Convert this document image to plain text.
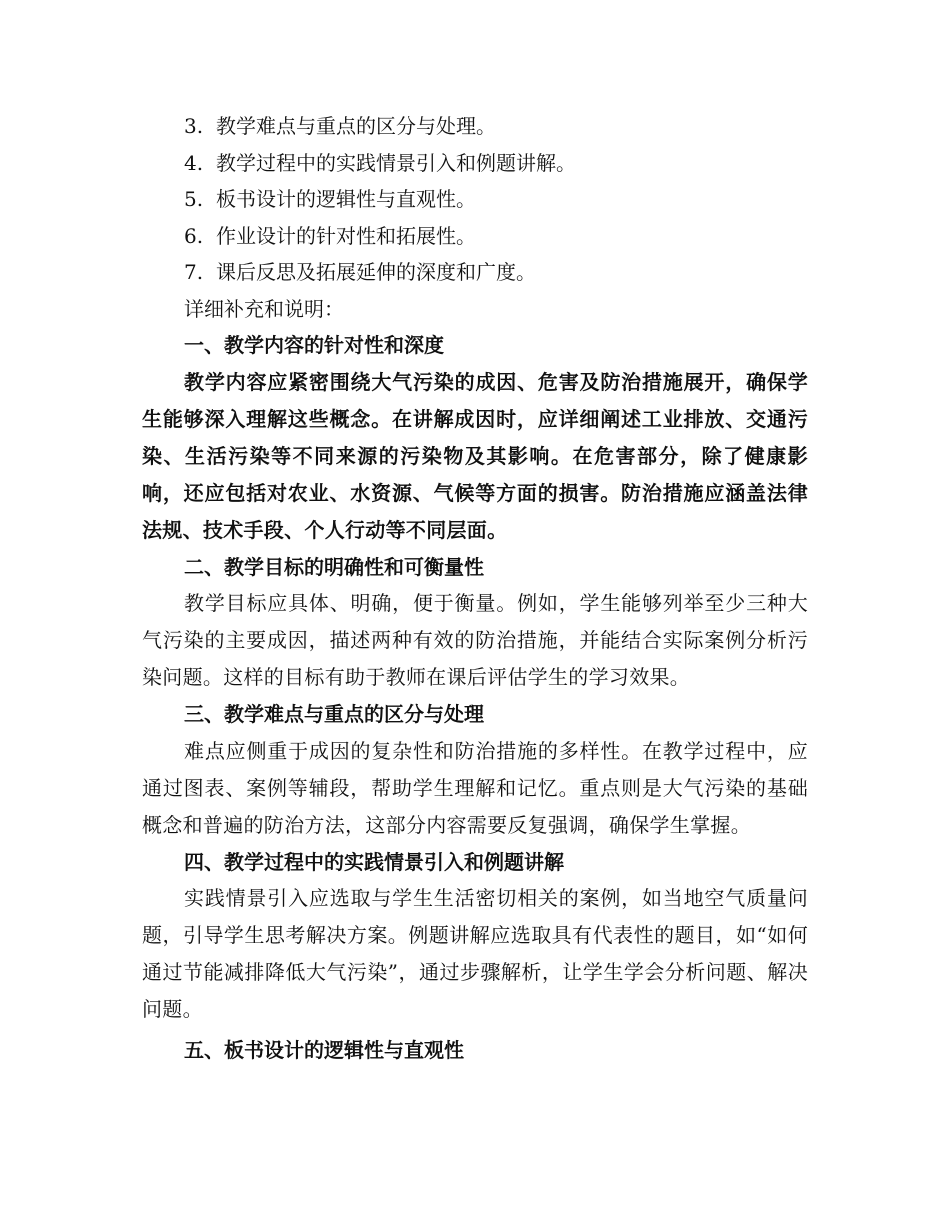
3. 教学难点与重点的区分与处理。
4. 教学过程中的实践情景引入和例题讲解。
5. 板书设计的逻辑性与直观性。
6. 作业设计的针对性和拓展性。
7. 课后反思及拓展延伸的深度和广度。
详细补充和说明：
一、教学内容的针对性和深度

教学内容应紧密围绕大气污染的成因、危害及防治措施展开，确保学生能够深入理解这些概念。在讲解成因时，应详细阐述工业排放、交通污染、生活污染等不同来源的污染物及其影响。在危害部分，除了健康影响，还应包括对农业、水资源、气候等方面的损害。防治措施应涵盖法律法规、技术手段、个人行动等不同层面。

二、教学目标的明确性和可衡量性

教学目标应具体、明确，便于衡量。例如，学生能够列举至少三种大气污染的主要成因，描述两种有效的防治措施，并能结合实际案例分析污染问题。这样的目标有助于教师在课后评估学生的学习效果。

三、教学难点与重点的区分与处理

难点应侧重于成因的复杂性和防治措施的多样性。在教学过程中，应通过图表、案例等辅段，帮助学生理解和记忆。重点则是大气污染的基础概念和普遍的防治方法，这部分内容需要反复强调，确保学生掌握。

四、教学过程中的实践情景引入和例题讲解

实践情景引入应选取与学生生活密切相关的案例，如当地空气质量问题，引导学生思考解决方案。例题讲解应选取具有代表性的题目，如“如何通过节能减排降低大气污染”，通过步骤解析，让学生学会分析问题、解决问题。

五、板书设计的逻辑性与直观性
